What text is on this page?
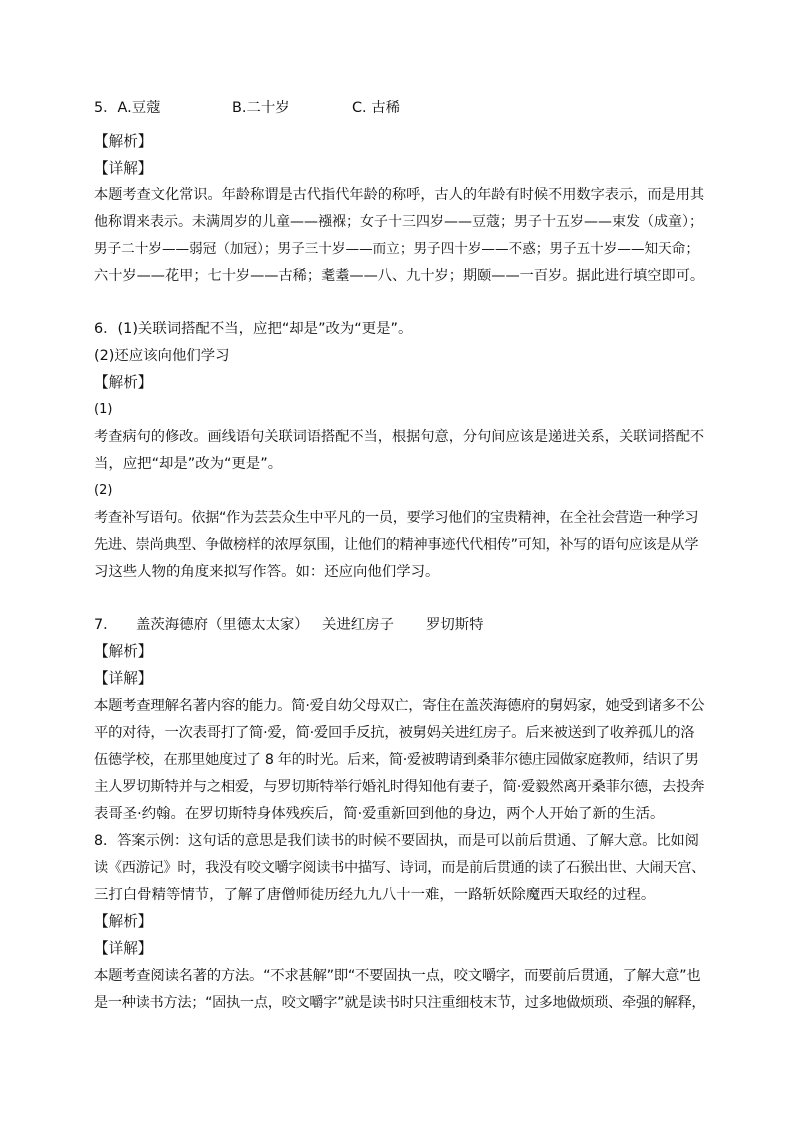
5．A.豆蔻	B.二十岁	C. 古稀
【解析】
【详解】
本题考查文化常识。年龄称谓是古代指代年龄的称呼，古人的年龄有时候不用数字表示，而是用其
他称谓来表示。未满周岁的儿童——襁褓；女子十三四岁——豆蔻；男子十五岁——束发（成童）；
男子二十岁——弱冠（加冠）；男子三十岁——而立；男子四十岁——不惑；男子五十岁——知天命；
六十岁——花甲；七十岁——古稀；耄耋——八、九十岁；期颐——一百岁。据此进行填空即可。
6．(1)关联词搭配不当，应把“却是”改为“更是”。
(2)还应该向他们学习
【解析】
(1)
考查病句的修改。画线语句关联词语搭配不当，根据句意，分句间应该是递进关系，关联词搭配不
当，应把“却是”改为“更是”。
(2)
考查补写语句。依据“作为芸芸众生中平凡的一员，要学习他们的宝贵精神，在全社会营造一种学习
先进、崇尚典型、争做榜样的浓厚氛围，让他们的精神事迹代代相传”可知，补写的语句应该是从学
习这些人物的角度来拟写作答。如：还应向他们学习。
7． 盖茨海德府（里德太太家） 关进红房子 罗切斯特
【解析】
【详解】
本题考查理解名著内容的能力。简·爱自幼父母双亡，寄住在盖茨海德府的舅妈家，她受到诸多不公
平的对待，一次表哥打了简·爱，简·爱回手反抗，被舅妈关进红房子。后来被送到了收养孤儿的洛
伍德学校，在那里她度过了 8 年的时光。后来，简·爱被聘请到桑菲尔德庄园做家庭教师，结识了男
主人罗切斯特并与之相爱，与罗切斯特举行婚礼时得知他有妻子，简·爱毅然离开桑菲尔德，去投奔
表哥圣·约翰。在罗切斯特身体残疾后，简·爱重新回到他的身边，两个人开始了新的生活。
8．答案示例：这句话的意思是我们读书的时候不要固执，而是可以前后贯通、了解大意。比如阅
读《西游记》时，我没有咬文嚼字阅读书中描写、诗词，而是前后贯通的读了石猴出世、大闹天宫、
三打白骨精等情节，了解了唐僧师徒历经九九八十一难，一路斩妖除魔西天取经的过程。
【解析】
【详解】
本题考查阅读名著的方法。“不求甚解”即“不要固执一点，咬文嚼字，而要前后贯通，了解大意”也
是一种读书方法；“固执一点，咬文嚼字”就是读书时只注重细枝末节，过多地做烦琐、牵强的解释，
